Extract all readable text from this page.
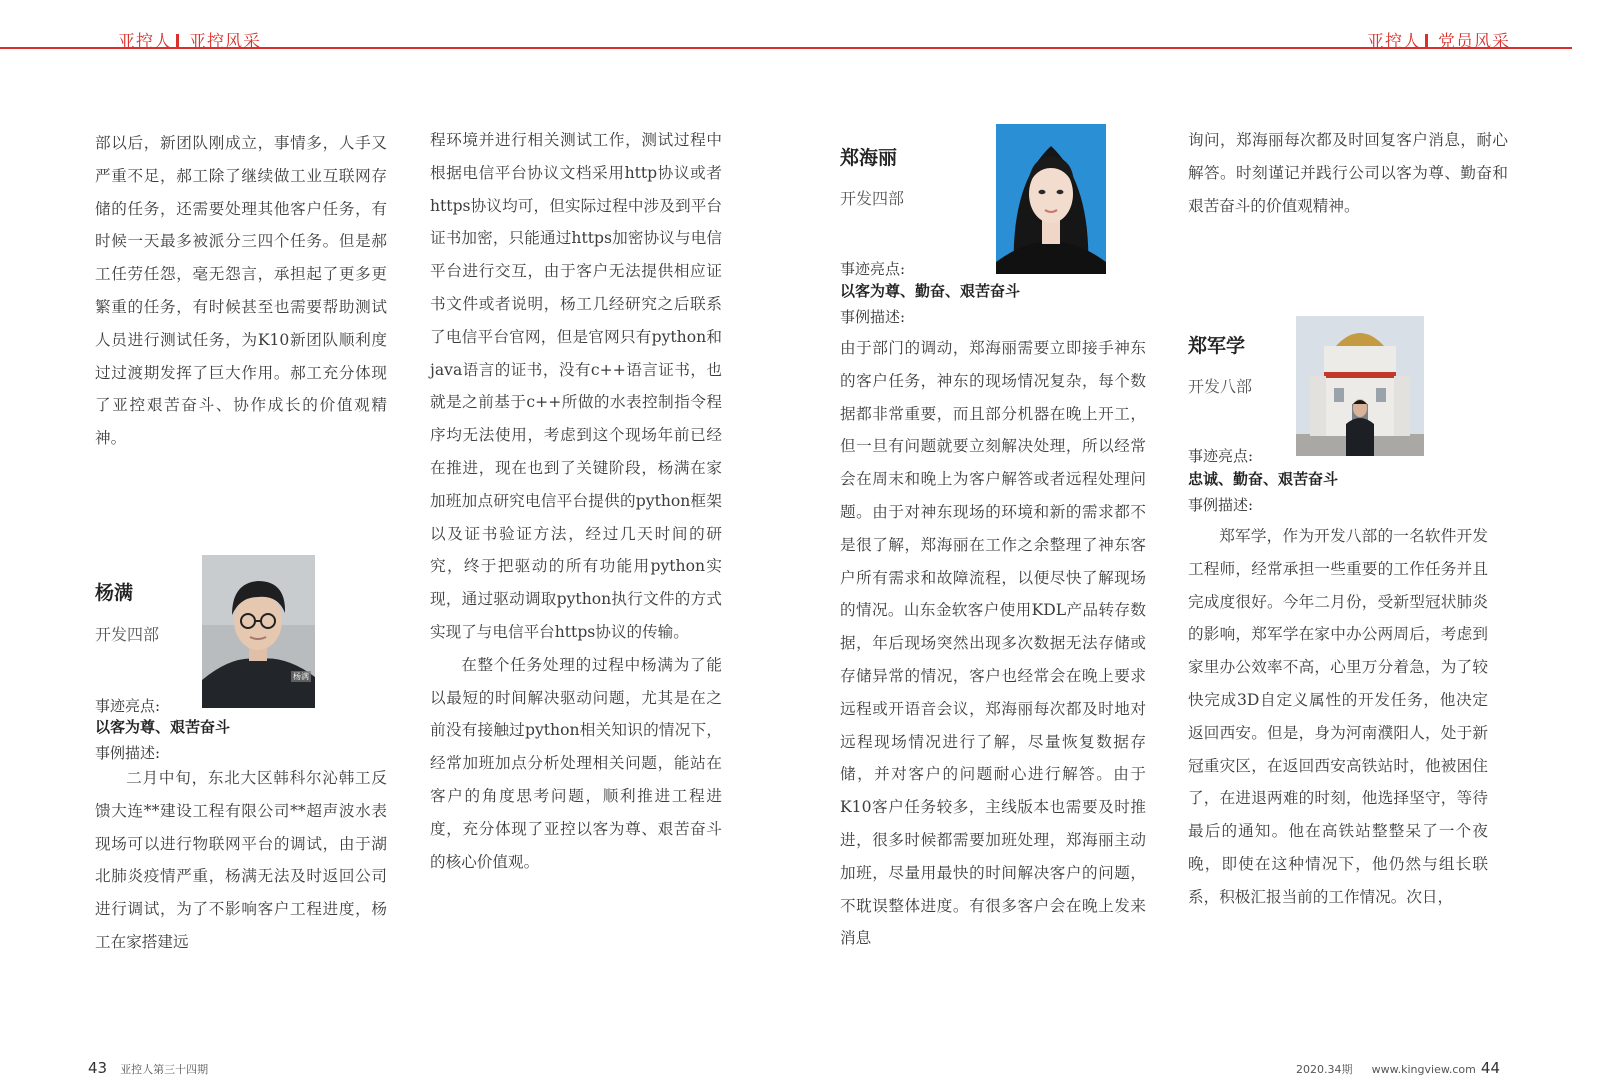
亚控人 亚控风采	亚控人 党员风采

部以后，新团队刚成立，事情多，人手又严重不足，郝工除了继续做工业互联网存储的任务，还需要处理其他客户任务，有时候一天最多被派分三四个任务。但是郝工任劳任怨，毫无怨言，承担起了更多更繁重的任务，有时候甚至也需要帮助测试人员进行测试任务，为K10新团队顺利度过过渡期发挥了巨大作用。郝工充分体现了亚控艰苦奋斗、协作成长的价值观精神。

杨满
开发四部
杨满
事迹亮点:
以客为尊、艰苦奋斗
事例描述:

二月中旬，东北大区韩科尔沁韩工反馈大连**建设工程有限公司**超声波水表现场可以进行物联网平台的调试，由于湖北肺炎疫情严重，杨满无法及时返回公司进行调试，为了不影响客户工程进度，杨工在家搭建远

程环境并进行相关测试工作，测试过程中根据电信平台协议文档采用http协议或者https协议均可，但实际过程中涉及到平台证书加密，只能通过https加密协议与电信平台进行交互，由于客户无法提供相应证书文件或者说明，杨工几经研究之后联系了电信平台官网，但是官网只有python和java语言的证书，没有c++语言证书，也就是之前基于c++所做的水表控制指令程序均无法使用，考虑到这个现场年前已经在推进，现在也到了关键阶段，杨满在家加班加点研究电信平台提供的python框架以及证书验证方法，经过几天时间的研究，终于把驱动的所有功能用python实现，通过驱动调取python执行文件的方式实现了与电信平台https协议的传输。

在整个任务处理的过程中杨满为了能以最短的时间解决驱动问题，尤其是在之前没有接触过python相关知识的情况下，经常加班加点分析处理相关问题，能站在客户的角度思考问题，顺利推进工程进度，充分体现了亚控以客为尊、艰苦奋斗的核心价值观。

郑海丽
开发四部
事迹亮点:
以客为尊、勤奋、艰苦奋斗
事例描述:

由于部门的调动，郑海丽需要立即接手神东的客户任务，神东的现场情况复杂，每个数据都非常重要，而且部分机器在晚上开工，但一旦有问题就要立刻解决处理，所以经常会在周末和晚上为客户解答或者远程处理问题。由于对神东现场的环境和新的需求都不是很了解，郑海丽在工作之余整理了神东客户所有需求和故障流程，以便尽快了解现场的情况。山东金软客户使用KDL产品转存数据，年后现场突然出现多次数据无法存储或存储异常的情况，客户也经常会在晚上要求远程或开语音会议，郑海丽每次都及时地对远程现场情况进行了解，尽量恢复数据存储，并对客户的问题耐心进行解答。由于K10客户任务较多，主线版本也需要及时推进，很多时候都需要加班处理，郑海丽主动加班，尽量用最快的时间解决客户的问题，不耽误整体进度。有很多客户会在晚上发来消息

询问，郑海丽每次都及时回复客户消息，耐心解答。时刻谨记并践行公司以客为尊、勤奋和艰苦奋斗的价值观精神。

郑军学
开发八部
事迹亮点:
忠诚、勤奋、艰苦奋斗
事例描述:

郑军学，作为开发八部的一名软件开发工程师，经常承担一些重要的工作任务并且完成度很好。今年二月份，受新型冠状肺炎的影响，郑军学在家中办公两周后，考虑到家里办公效率不高，心里万分着急，为了较快完成3D自定义属性的开发任务，他决定返回西安。但是，身为河南濮阳人，处于新冠重灾区，在返回西安高铁站时，他被困住了，在进退两难的时刻，他选择坚守，等待最后的通知。他在高铁站整整呆了一个夜晚，即使在这种情况下，他仍然与组长联系，积极汇报当前的工作情况。次日，

43 亚控人第三十四期	2020.34期 www.kingview.com 44
